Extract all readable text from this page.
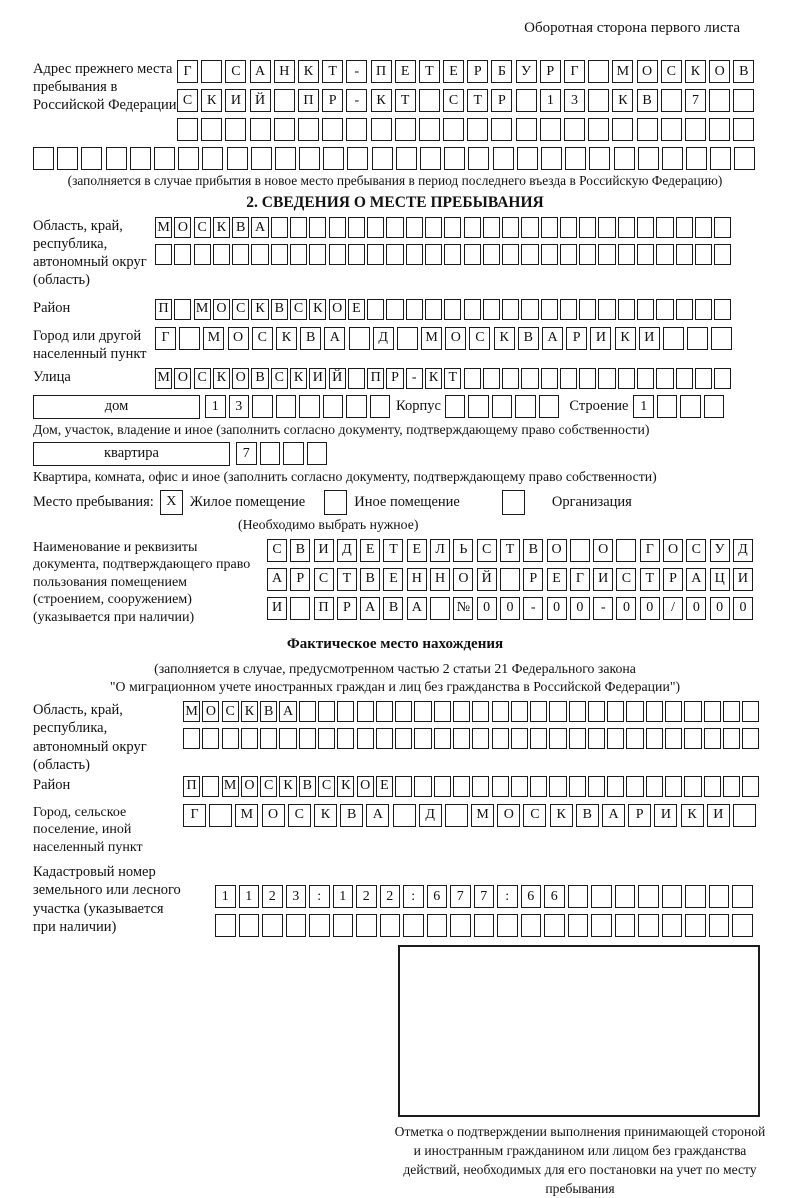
Оборотная сторона первого листа
Адрес прежнего места пребывания в Российской Федерации
Г	С	А	Н	К	Т	-	П	Е	Т	Е	Р	Б	У	Р	Г	М О	С	К	О	В
С	К	И	Й	П	Р	-	К	Т	С	Т	Р	1	3	К	В	7
(заполняется в случае прибытия в новое место пребывания в период последнего въезда в Российскую Федерацию)
2. СВЕДЕНИЯ О МЕСТЕ ПРЕБЫВАНИЯ
Область, край, республика, автономный округ (область)
М О С К В А
Район	П М О С К В С К О Е
Город или другой населенный пункт
Г	М О	С	К	В	А	Д	М О	С	К	В	А	Р	И	К	И
Улица	М О С К О В С К И Й П Р - К Т
дом	1	3	Корпус	Строение 1
Дом, участок, владение и иное (заполнить согласно документу, подтверждающему право собственности)
квартира	7
Квартира, комната, офис и иное (заполнить согласно документу, подтверждающему право собственности)
Место пребывания: X Жилое помещение	Иное помещение	Организация
(Необходимо выбрать нужное)
Наименование и реквизиты документа, подтверждающего право пользования помещением (строением, сооружением) (указывается при наличии)
С В И Д	Е	Т	Е	Л	Ь	С	Т	В О	О	Г	О С У Д
А	Р	С	Т	В	Е Н Н О Й	Р	Е	Г	И С	Т	Р	А Ц И
И	П	Р	А В А	№ 0	0	-	0	0	-	0	0	/	0	0	0
Фактическое место нахождения
(заполняется в случае, предусмотренном частью 2 статьи 21 Федерального закона
"О миграционном учете иностранных граждан и лиц без гражданства в Российской Федерации")
Область, край, республика, автономный округ (область)
М О С К В А
Район	П М О С К В С К О Е
Город, сельское поселение, иной населенный пункт
Г	М	О	С	К	В	А	Д	М	О	С	К	В	А	Р	И	К	И
Кадастровый номер земельного или лесного участка (указывается при наличии)
1	1	2	3	:	1	2	2	:	6	7	7	:	6	6
Отметка о подтверждении выполнения принимающей стороной и иностранным гражданином или лицом без гражданства действий, необходимых для его постановки на учет по месту пребывания
